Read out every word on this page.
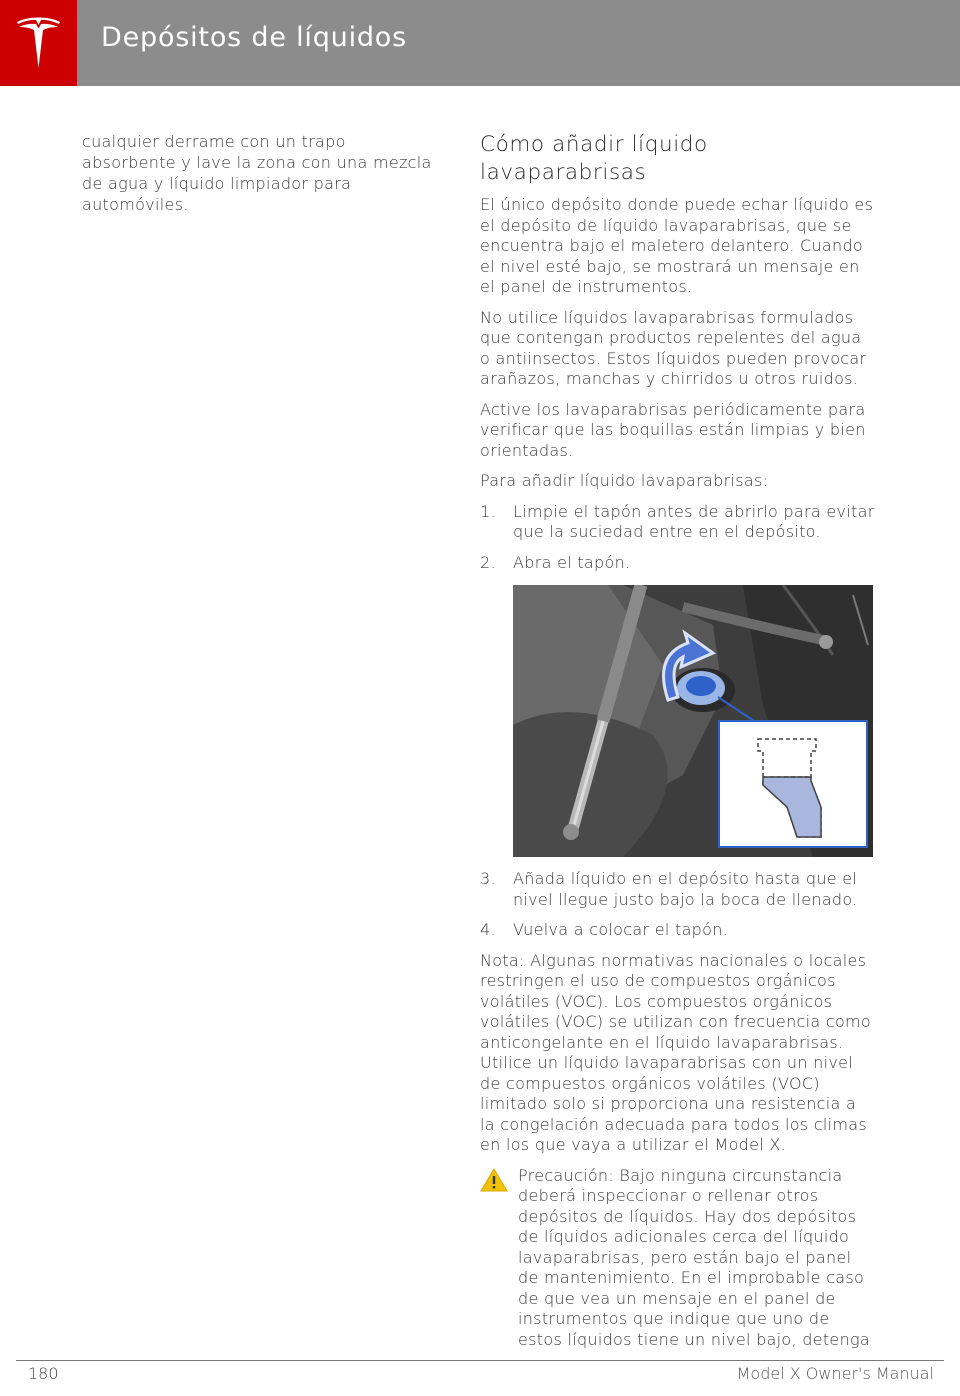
Depósitos de líquidos
cualquier derrame con un trapo absorbente y lave la zona con una mezcla de agua y líquido limpiador para automóviles.
Cómo añadir líquido lavaparabrisas
El único depósito donde puede echar líquido es el depósito de líquido lavaparabrisas, que se encuentra bajo el maletero delantero. Cuando el nivel esté bajo, se mostrará un mensaje en el panel de instrumentos.
No utilice líquidos lavaparabrisas formulados que contengan productos repelentes del agua o antiinsectos. Estos líquidos pueden provocar arañazos, manchas y chirridos u otros ruidos.
Active los lavaparabrisas periódicamente para verificar que las boquillas están limpias y bien orientadas.
Para añadir líquido lavaparabrisas:
1.	Limpie el tapón antes de abrirlo para evitar que la suciedad entre en el depósito.
2.	Abra el tapón.
3.	Añada líquido en el depósito hasta que el nivel llegue justo bajo la boca de llenado.
4.	Vuelva a colocar el tapón.
Nota: Algunas normativas nacionales o locales restringen el uso de compuestos orgánicos volátiles (VOC). Los compuestos orgánicos volátiles (VOC) se utilizan con frecuencia como anticongelante en el líquido lavaparabrisas. Utilice un líquido lavaparabrisas con un nivel de compuestos orgánicos volátiles (VOC) limitado solo si proporciona una resistencia a la congelación adecuada para todos los climas en los que vaya a utilizar el Model X.
Precaución: Bajo ninguna circunstancia deberá inspeccionar o rellenar otros depósitos de líquidos. Hay dos depósitos de líquidos adicionales cerca del líquido lavaparabrisas, pero están bajo el panel de mantenimiento. En el improbable caso de que vea un mensaje en el panel de instrumentos que indique que uno de estos líquidos tiene un nivel bajo, detenga
180	Model X Owner's Manual
